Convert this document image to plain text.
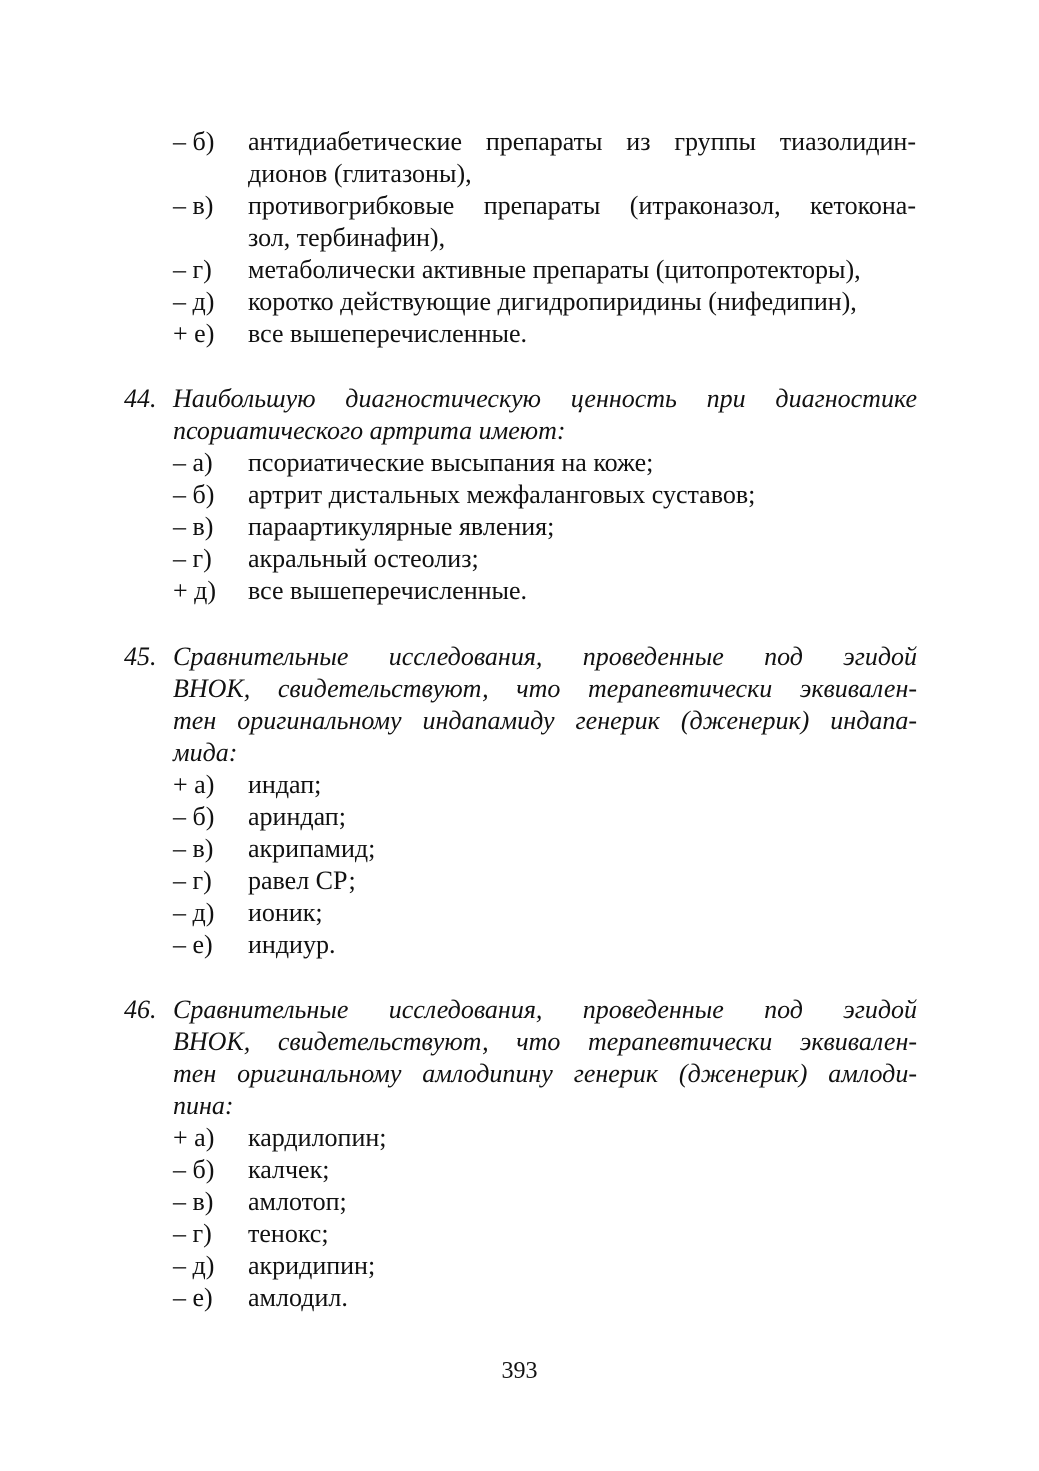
– б)	антидиабетические препараты из группы тиазолидин-
дионов (глитазоны),
– в)	противогрибковые препараты (итраконазол, кетокона-
зол, тербинафин),
– г) метаболически активные препараты (цитопротекторы),
– д) коротко действующие дигидропиридины (нифедипин),
+ е) все вышеперечисленные.
44. Наибольшую диагностическую ценность при диагностике
псориатического артрита имеют:
– а) псориатические высыпания на коже;
– б) артрит дистальных межфаланговых суставов;
– в) параартикулярные явления;
– г) акральный остеолиз;
+ д) все вышеперечисленные.
45. Сравнительные исследования, проведенные под эгидой
ВНОК, свидетельствуют, что терапевтически эквивален-
тен оригинальному индапамиду генерик (дженерик) индапа-
мида:
+ а) индап;
– б) ариндап;
– в) акрипамид;
– г) равел СР;
– д) ионик;
– е) индиур.
46. Сравнительные исследования, проведенные под эгидой
ВНОК, свидетельствуют, что терапевтически эквивален-
тен оригинальному амлодипину генерик (дженерик) амлоди-
пина:
+ а) кардилопин;
– б) калчек;
– в) амлотоп;
– г) тенокс;
– д) акридипин;
– е) амлодил.
393
